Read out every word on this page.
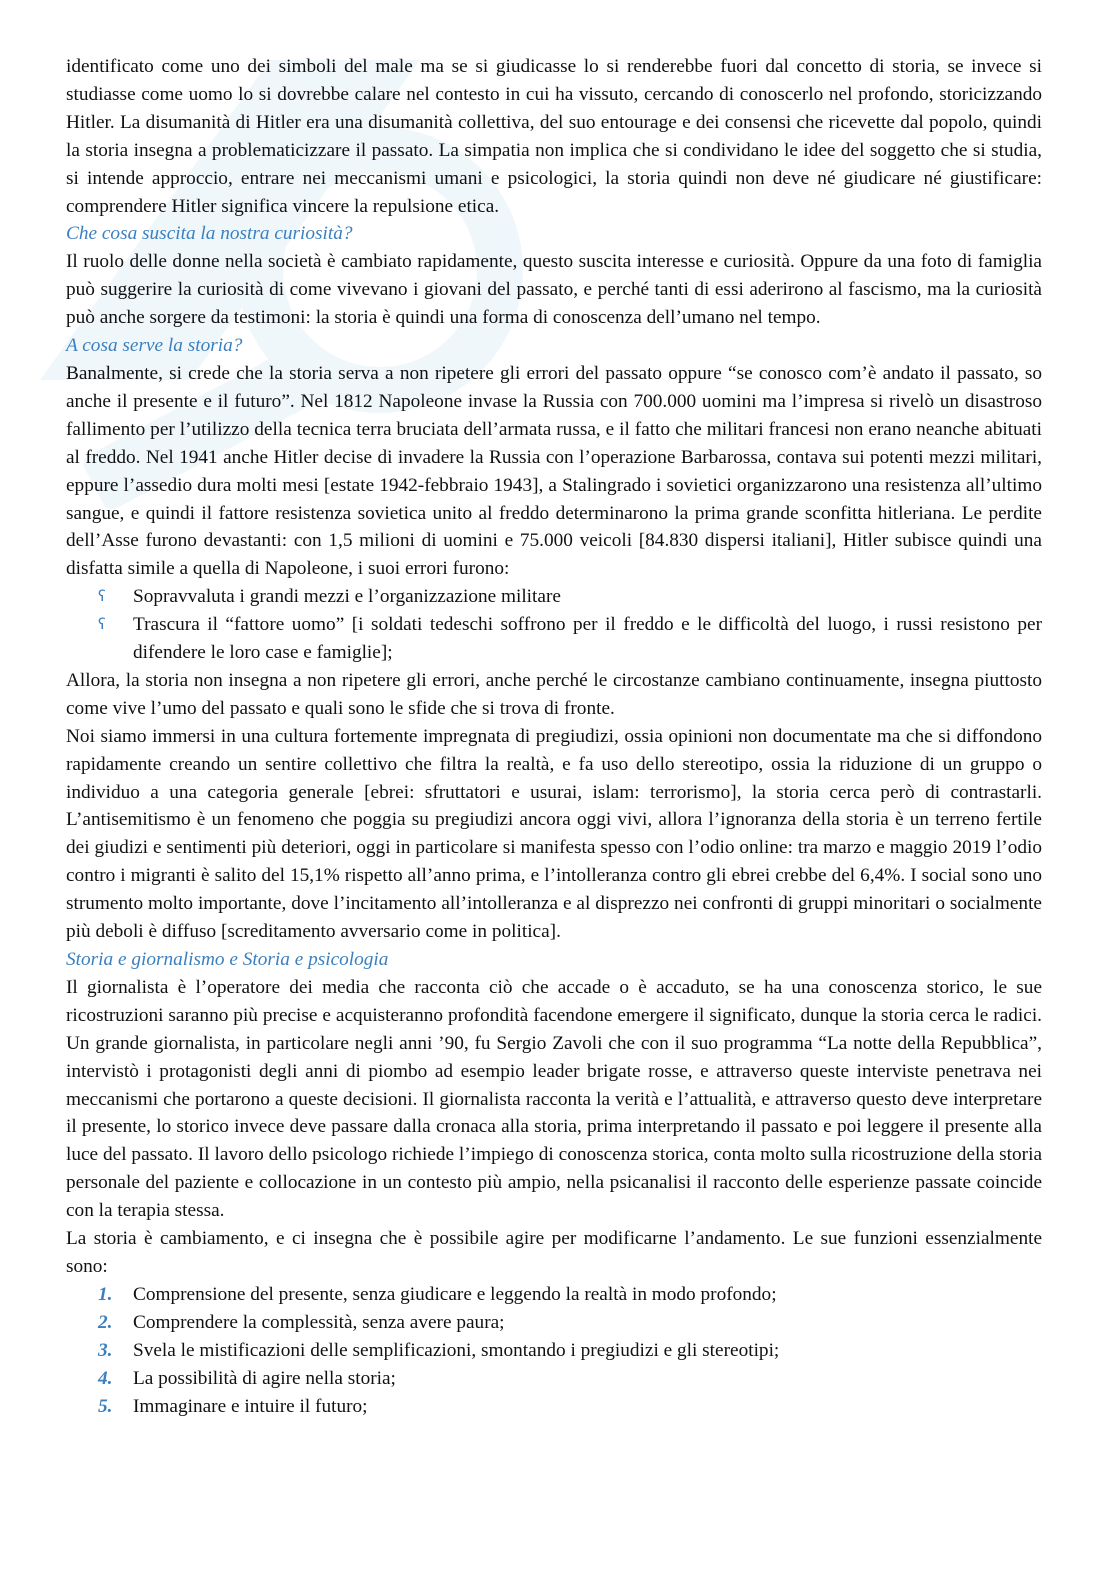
identificato come uno dei simboli del male ma se si giudicasse lo si renderebbe fuori dal concetto di storia, se invece si studiasse come uomo lo si dovrebbe calare nel contesto in cui ha vissuto, cercando di conoscerlo nel profondo, storicizzando Hitler. La disumanità di Hitler era una disumanità collettiva, del suo entourage e dei consensi che ricevette dal popolo, quindi la storia insegna a problematicizzare il passato. La simpatia non implica che si condividano le idee del soggetto che si studia, si intende approccio, entrare nei meccanismi umani e psicologici, la storia quindi non deve né giudicare né giustificare: comprendere Hitler significa vincere la repulsione etica.

Che cosa suscita la nostra curiosità?

Il ruolo delle donne nella società è cambiato rapidamente, questo suscita interesse e curiosità. Oppure da una foto di famiglia può suggerire la curiosità di come vivevano i giovani del passato, e perché tanti di essi aderirono al fascismo, ma la curiosità può anche sorgere da testimoni: la storia è quindi una forma di conoscenza dell’umano nel tempo.

A cosa serve la storia?

Banalmente, si crede che la storia serva a non ripetere gli errori del passato oppure “se conosco com’è andato il passato, so anche il presente e il futuro”. Nel 1812 Napoleone invase la Russia con 700.000 uomini ma l’impresa si rivelò un disastroso fallimento per l’utilizzo della tecnica terra bruciata dell’armata russa, e il fatto che militari francesi non erano neanche abituati al freddo. Nel 1941 anche Hitler decise di invadere la Russia con l’operazione Barbarossa, contava sui potenti mezzi militari, eppure l’assedio dura molti mesi [estate 1942-febbraio 1943], a Stalingrado i sovietici organizzarono una resistenza all’ultimo sangue, e quindi il fattore resistenza sovietica unito al freddo determinarono la prima grande sconfitta hitleriana. Le perdite dell’Asse furono devastanti: con 1,5 milioni di uomini e 75.000 veicoli [84.830 dispersi italiani], Hitler subisce quindi una disfatta simile a quella di Napoleone, i suoi errori furono:

ʕ Sopravvaluta i grandi mezzi e l’organizzazione militare
ʕ Trascura il “fattore uomo” [i soldati tedeschi soffrono per il freddo e le difficoltà del luogo, i russi resistono per difendere le loro case e famiglie];

Allora, la storia non insegna a non ripetere gli errori, anche perché le circostanze cambiano continuamente, insegna piuttosto come vive l’umo del passato e quali sono le sfide che si trova di fronte.

Noi siamo immersi in una cultura fortemente impregnata di pregiudizi, ossia opinioni non documentate ma che si diffondono rapidamente creando un sentire collettivo che filtra la realtà, e fa uso dello stereotipo, ossia la riduzione di un gruppo o individuo a una categoria generale [ebrei: sfruttatori e usurai, islam: terrorismo], la storia cerca però di contrastarli. L’antisemitismo è un fenomeno che poggia su pregiudizi ancora oggi vivi, allora l’ignoranza della storia è un terreno fertile dei giudizi e sentimenti più deteriori, oggi in particolare si manifesta spesso con l’odio online: tra marzo e maggio 2019 l’odio contro i migranti è salito del 15,1% rispetto all’anno prima, e l’intolleranza contro gli ebrei crebbe del 6,4%. I social sono uno strumento molto importante, dove l’incitamento all’intolleranza e al disprezzo nei confronti di gruppi minoritari o socialmente più deboli è diffuso [screditamento avversario come in politica].

Storia e giornalismo e Storia e psicologia

Il giornalista è l’operatore dei media che racconta ciò che accade o è accaduto, se ha una conoscenza storico, le sue ricostruzioni saranno più precise e acquisteranno profondità facendone emergere il significato, dunque la storia cerca le radici. Un grande giornalista, in particolare negli anni ’90, fu Sergio Zavoli che con il suo programma “La notte della Repubblica”, intervistò i protagonisti degli anni di piombo ad esempio leader brigate rosse, e attraverso queste interviste penetrava nei meccanismi che portarono a queste decisioni. Il giornalista racconta la verità e l’attualità, e attraverso questo deve interpretare il presente, lo storico invece deve passare dalla cronaca alla storia, prima interpretando il passato e poi leggere il presente alla luce del passato. Il lavoro dello psicologo richiede l’impiego di conoscenza storica, conta molto sulla ricostruzione della storia personale del paziente e collocazione in un contesto più ampio, nella psicanalisi il racconto delle esperienze passate coincide con la terapia stessa.

La storia è cambiamento, e ci insegna che è possibile agire per modificarne l’andamento. Le sue funzioni essenzialmente sono:

1. Comprensione del presente, senza giudicare e leggendo la realtà in modo profondo;
2. Comprendere la complessità, senza avere paura;
3. Svela le mistificazioni delle semplificazioni, smontando i pregiudizi e gli stereotipi;
4. La possibilità di agire nella storia;
5. Immaginare e intuire il futuro;
